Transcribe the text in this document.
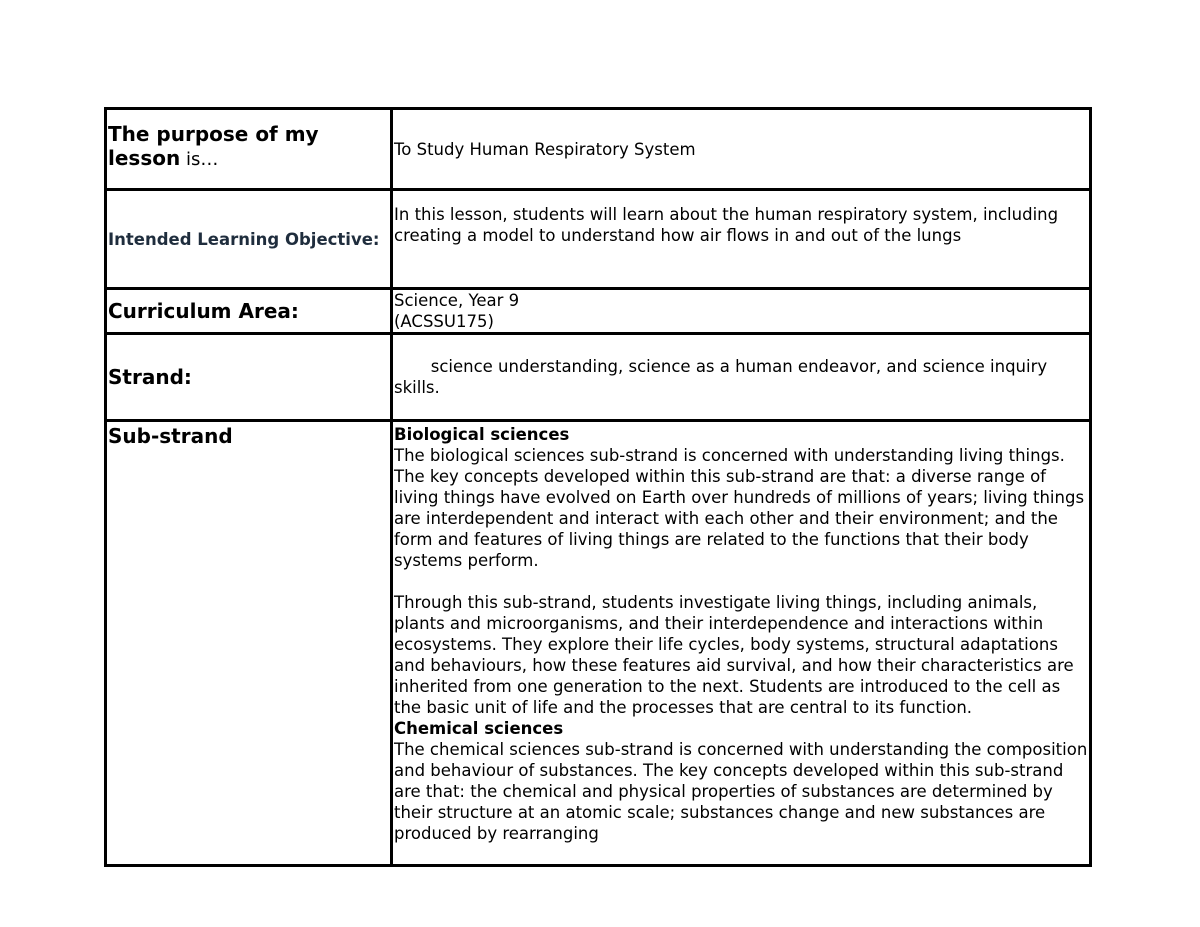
The purpose of my lesson is…	To Study Human Respiratory System
Intended Learning Objective:	In this lesson, students will learn about the human respiratory system, including creating a model to understand how air flows in and out of the lungs
Curriculum Area:	Science, Year 9
(ACSSU175)

Strand:	science understanding, science as a human endeavor, and science inquiry skills.

Sub-strand	Biological sciences

The biological sciences sub-strand is concerned with understanding living things. The key concepts developed within this sub-strand are that: a diverse range of living things have evolved on Earth over hundreds of millions of years; living things are interdependent and interact with each other and their environment; and the form and features of living things are related to the functions that their body systems perform.

Through this sub-strand, students investigate living things, including animals, plants and microorganisms, and their interdependence and interactions within ecosystems. They explore their life cycles, body systems, structural adaptations and behaviours, how these features aid survival, and how their characteristics are inherited from one generation to the next. Students are introduced to the cell as the basic unit of life and the processes that are central to its function.

Chemical sciences

The chemical sciences sub-strand is concerned with understanding the composition and behaviour of substances. The key concepts developed within this sub-strand are that: the chemical and physical properties of substances are determined by their structure at an atomic scale; substances change and new substances are produced by rearranging
